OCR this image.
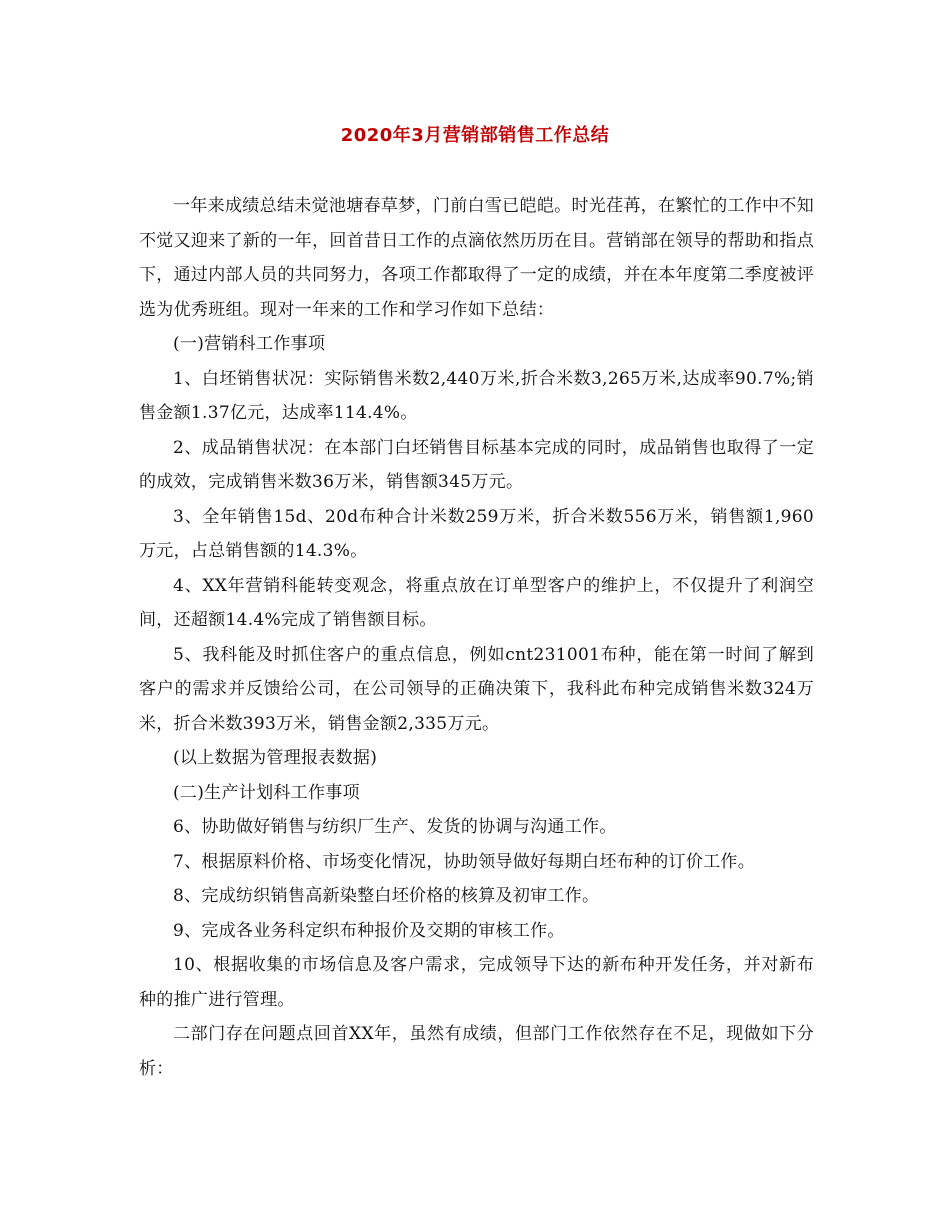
2020年3月营销部销售工作总结

一年来成绩总结未觉池塘春草梦，门前白雪已皑皑。时光荏苒，在繁忙的工作中不知不觉又迎来了新的一年，回首昔日工作的点滴依然历历在目。营销部在领导的帮助和指点下，通过内部人员的共同努力，各项工作都取得了一定的成绩，并在本年度第二季度被评选为优秀班组。现对一年来的工作和学习作如下总结：

(一)营销科工作事项

1、白坯销售状况：实际销售米数2,440万米,折合米数3,265万米,达成率90.7%;销售金额1.37亿元，达成率114.4%。

2、成品销售状况：在本部门白坯销售目标基本完成的同时，成品销售也取得了一定的成效，完成销售米数36万米，销售额345万元。

3、全年销售15d、20d布种合计米数259万米，折合米数556万米，销售额1,960万元，占总销售额的14.3%。

4、XX年营销科能转变观念，将重点放在订单型客户的维护上，不仅提升了利润空间，还超额14.4%完成了销售额目标。

5、我科能及时抓住客户的重点信息，例如cnt231001布种，能在第一时间了解到客户的需求并反馈给公司，在公司领导的正确决策下，我科此布种完成销售米数324万米，折合米数393万米，销售金额2,335万元。

(以上数据为管理报表数据)

(二)生产计划科工作事项

6、协助做好销售与纺织厂生产、发货的协调与沟通工作。

7、根据原料价格、市场变化情况，协助领导做好每期白坯布种的订价工作。

8、完成纺织销售高新染整白坯价格的核算及初审工作。

9、完成各业务科定织布种报价及交期的审核工作。

10、根据收集的市场信息及客户需求，完成领导下达的新布种开发任务，并对新布种的推广进行管理。

二部门存在问题点回首XX年，虽然有成绩，但部门工作依然存在不足，现做如下分析：
